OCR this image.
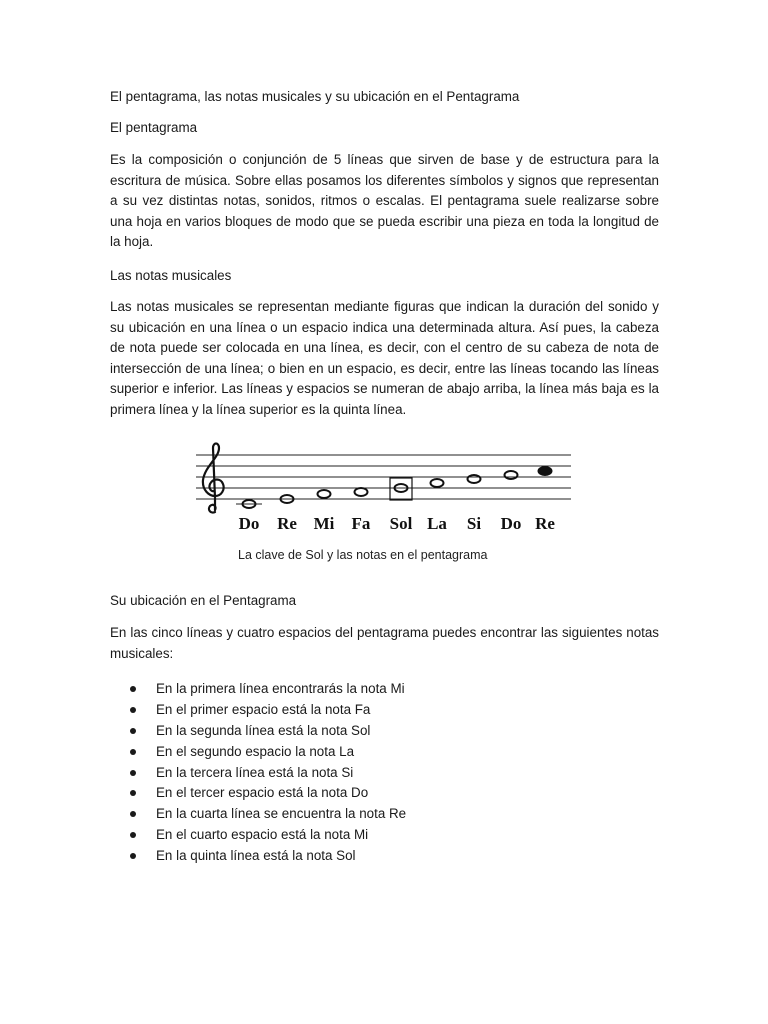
El pentagrama, las notas musicales y su ubicación en el Pentagrama

El pentagrama

Es la composición o conjunción de 5 líneas que sirven de base y de estructura para la escritura de música. Sobre ellas posamos los diferentes símbolos y signos que representan a su vez distintas notas, sonidos, ritmos o escalas. El pentagrama suele realizarse sobre una hoja en varios bloques de modo que se pueda escribir una pieza en toda la longitud de la hoja.

Las notas musicales

Las notas musicales se representan mediante figuras que indican la duración del sonido y su ubicación en una línea o un espacio indica una determinada altura. Así pues, la cabeza de nota puede ser colocada en una línea, es decir, con el centro de su cabeza de nota de intersección de una línea; o bien en un espacio, es decir, entre las líneas tocando las líneas superior e inferior. Las líneas y espacios se numeran de abajo arriba, la línea más baja es la primera línea y la línea superior es la quinta línea.

Do Re Mi Fa Sol La Si Do Re
La clave de Sol y las notas en el pentagrama

Su ubicación en el Pentagrama

En las cinco líneas y cuatro espacios del pentagrama puedes encontrar las siguientes notas musicales:

En la primera línea encontrarás la nota Mi
En el primer espacio está la nota Fa
En la segunda línea está la nota Sol
En el segundo espacio la nota La
En la tercera línea está la nota Si
En el tercer espacio está la nota Do
En la cuarta línea se encuentra la nota Re
En el cuarto espacio está la nota Mi
En la quinta línea está la nota Sol
